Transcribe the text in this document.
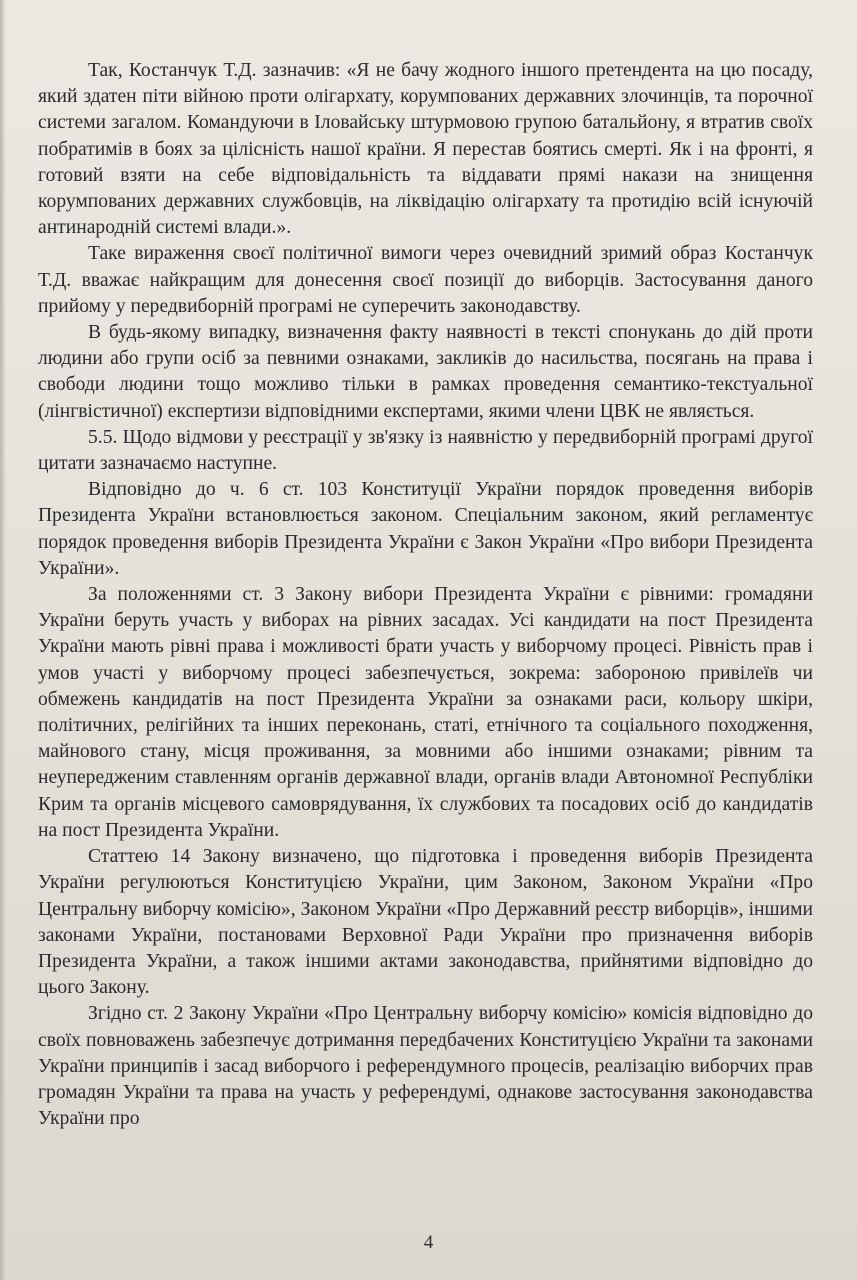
Так, Костанчук Т.Д. зазначив: «Я не бачу жодного іншого претендента на цю посаду, який здатен піти війною проти олігархату, корумпованих державних злочинців, та порочної системи загалом. Командуючи в Іловайську штурмовою групою батальйону, я втратив своїх побратимів в боях за цілісність нашої країни. Я перестав боятись смерті. Як і на фронті, я готовий взяти на себе відповідальність та віддавати прямі накази на знищення корумпованих державних службовців, на ліквідацію олігархату та протидію всій існуючій антинародній системі влади.».

Таке вираження своєї політичної вимоги через очевидний зримий образ Костанчук Т.Д. вважає найкращим для донесення своєї позиції до виборців. Застосування даного прийому у передвиборній програмі не суперечить законодавству.

В будь-якому випадку, визначення факту наявності в тексті спонукань до дій проти людини або групи осіб за певними ознаками, закликів до насильства, посягань на права і свободи людини тощо можливо тільки в рамках проведення семантико-текстуальної (лінгвістичної) експертизи відповідними експертами, якими члени ЦВК не являється.

5.5. Щодо відмови у реєстрації у зв'язку із наявністю у передвиборній програмі другої цитати зазначаємо наступне.

Відповідно до ч. 6 ст. 103 Конституції України порядок проведення виборів Президента України встановлюється законом. Спеціальним законом, який регламентує порядок проведення виборів Президента України є Закон України «Про вибори Президента України».

За положеннями ст. 3 Закону вибори Президента України є рівними: громадяни України беруть участь у виборах на рівних засадах. Усі кандидати на пост Президента України мають рівні права і можливості брати участь у виборчому процесі. Рівність прав і умов участі у виборчому процесі забезпечується, зокрема: забороною привілеїв чи обмежень кандидатів на пост Президента України за ознаками раси, кольору шкіри, політичних, релігійних та інших переконань, статі, етнічного та соціального походження, майнового стану, місця проживання, за мовними або іншими ознаками; рівним та неупередженим ставленням органів державної влади, органів влади Автономної Республіки Крим та органів місцевого самоврядування, їх службових та посадових осіб до кандидатів на пост Президента України.

Статтею 14 Закону визначено, що підготовка і проведення виборів Президента України регулюються Конституцією України, цим Законом, Законом України «Про Центральну виборчу комісію», Законом України «Про Державний реєстр виборців», іншими законами України, постановами Верховної Ради України про призначення виборів Президента України, а також іншими актами законодавства, прийнятими відповідно до цього Закону.

Згідно ст. 2 Закону України «Про Центральну виборчу комісію» комісія відповідно до своїх повноважень забезпечує дотримання передбачених Конституцією України та законами України принципів і засад виборчого і референдумного процесів, реалізацію виборчих прав громадян України та права на участь у референдумі, однакове застосування законодавства України про

4
